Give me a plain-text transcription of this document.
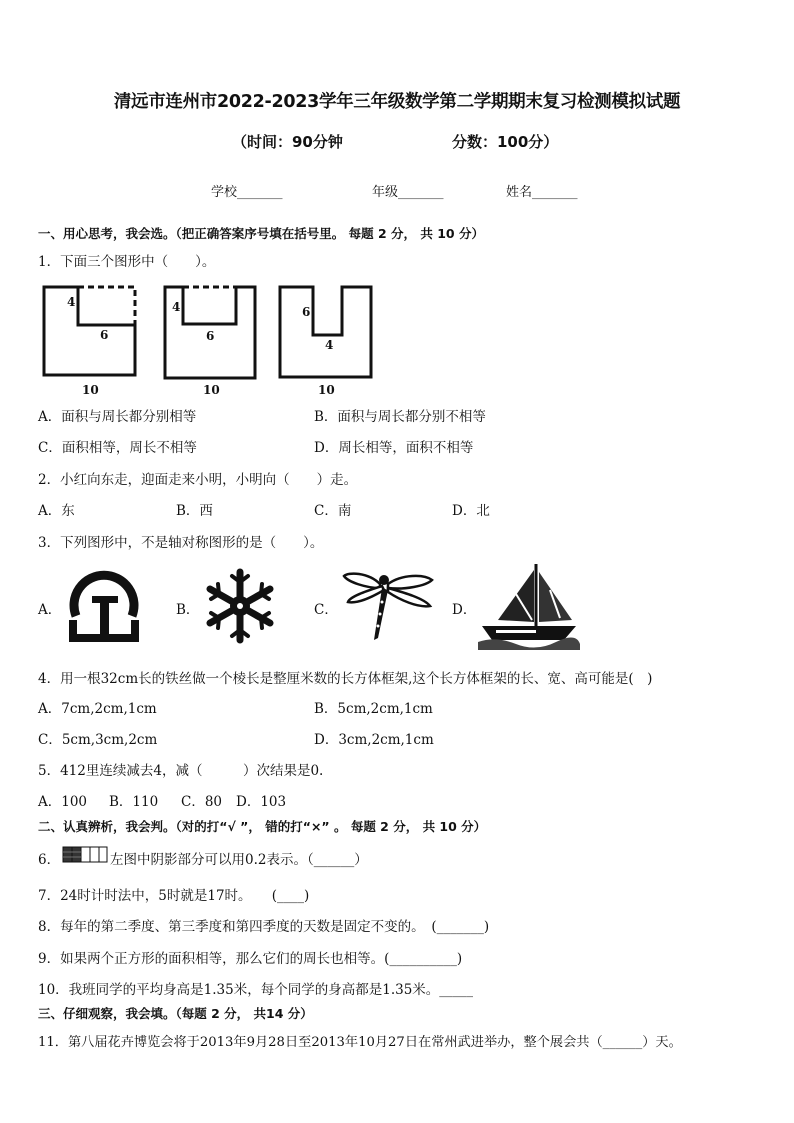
清远市连州市2022-2023学年三年级数学第二学期期末复习检测模拟试题
（时间：90分钟	分数：100分）
学校_______	年级_______	姓名_______
一、用心思考，我会选。（把正确答案序号填在括号里。 每题 2 分， 共 10 分）
1．下面三个图形中（　　）。
4
6
10
4
6
10
6
4
10
A．面积与周长都分别相等	B．面积与周长都分别不相等
C．面积相等，周长不相等	D．周长相等，面积不相等
2．小红向东走，迎面走来小明，小明向（　　）走。
A．东	B．西	C．南	D．北
3．下列图形中，不是轴对称图形的是（　　）。
A．	B．	C．	D．
4．用一根32cm长的铁丝做一个棱长是整厘米数的长方体框架,这个长方体框架的长、宽、高可能是(　)
A．7cm,2cm,1cm	B．5cm,2cm,1cm
C．5cm,3cm,2cm	D．3cm,2cm,1cm
5．412里连续减去4，减（　　　）次结果是0.
A．100 B．110 C．80 D．103
二、认真辨析，我会判。（对的打“√ ”， 错的打“×” 。 每题 2 分， 共 10 分）
6．	左图中阴影部分可以用0.2表示。（______）
7．24时计时法中，5时就是17时。　　(____)
8．每年的第二季度、第三季度和第四季度的天数是固定不变的。　(_______)
9．如果两个正方形的面积相等，那么它们的周长也相等。(__________)
10．我班同学的平均身高是1.35米，每个同学的身高都是1.35米。_____
三、仔细观察，我会填。（每题 2 分， 共14 分）
11．第八届花卉博览会将于2013年9月28日至2013年10月27日在常州武进举办，整个展会共（______）天。
